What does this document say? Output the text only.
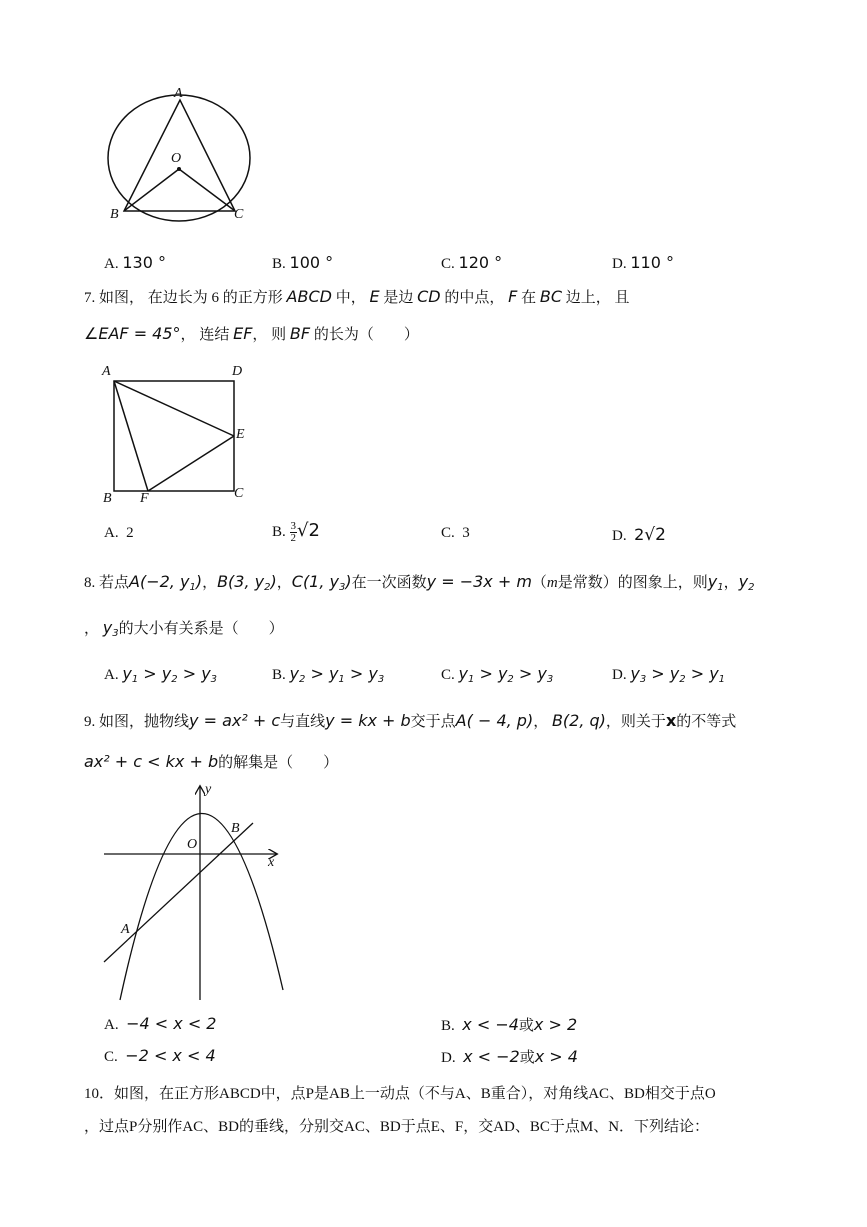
A
O
B	C
A. 130 °	B. 100 °	C. 120 °	D. 110 °
7. 如图， 在边长为 6 的正方形 ABCD 中， E 是边 CD 的中点， F 在 BC 边上， 且
∠EAF = 45°， 连结 EF， 则 BF 的长为（　　）
A	D
E
B F	C
A. 2	B. $\frac{3}{2} √2$	C. 3	D. 2√2
8. 若点A(−2, $y_1$)，B(3, $y_2$)，C(1, $y_3$)在一次函数y = −3x + m（m是常数）的图象上，则$y_1$，$y_2$
， $y_3$的大小有关系是（　　）
A. $y_1 > y_2 > y_3$	B. $y_2 > y_1 > y_3$	C. $y_1 > y_2 > y_3$	D. $y_3 > y_2 > y_1$
9. 如图，抛物线y = ax² + c与直线y = kx + b交于点A( − 4, p)， B(2, q)，则关于x的不等式
ax² + c < kx + b的解集是（　　）
y
x
O
B
A
A. −4 < x < 2	B. x < −4或x > 2
C. −2 < x < 4	D. x < −2或x > 4
10．如图，在正方形ABCD中，点P是AB上一动点（不与A、B重合），对角线AC、BD相交于点O
，过点P分别作AC、BD的垂线，分别交AC、BD于点E、F，交AD、BC于点M、N．下列结论：
